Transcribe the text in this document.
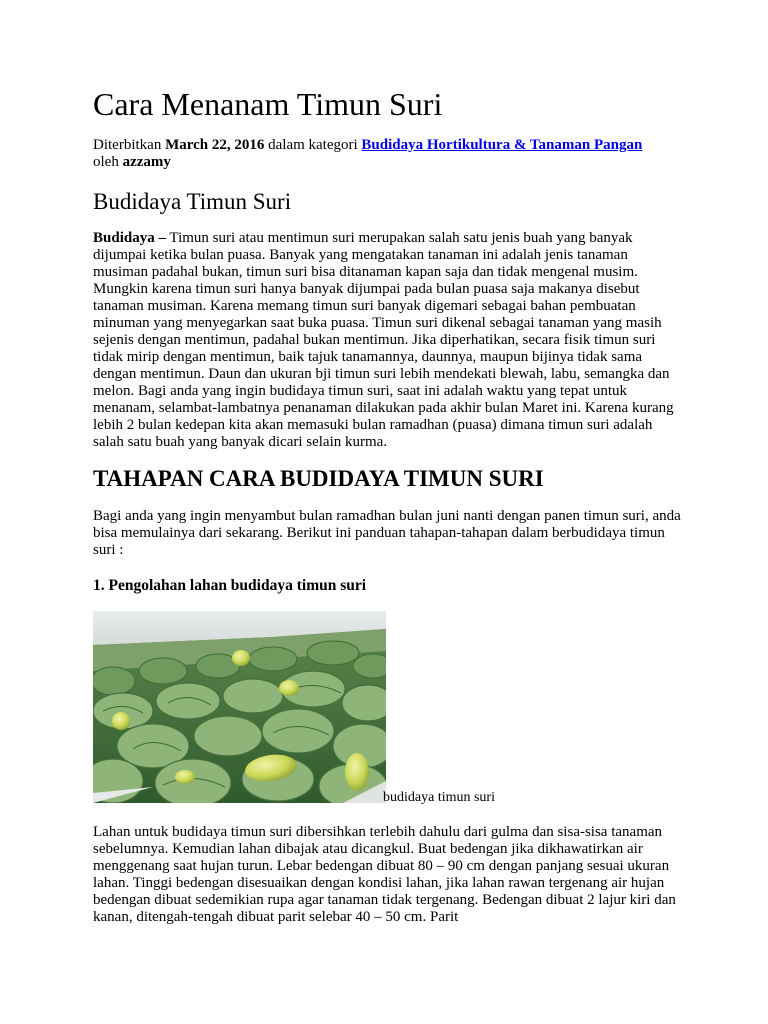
Cara Menanam Timun Suri

Diterbitkan March 22, 2016 dalam kategori Budidaya Hortikultura & Tanaman Pangan
oleh azzamy

Budidaya Timun Suri

Budidaya – Timun suri atau mentimun suri merupakan salah satu jenis buah yang banyak dijumpai ketika bulan puasa. Banyak yang mengatakan tanaman ini adalah jenis tanaman musiman padahal bukan, timun suri bisa ditanaman kapan saja dan tidak mengenal musim. Mungkin karena timun suri hanya banyak dijumpai pada bulan puasa saja makanya disebut tanaman musiman. Karena memang timun suri banyak digemari sebagai bahan pembuatan minuman yang menyegarkan saat buka puasa. Timun suri dikenal sebagai tanaman yang masih sejenis dengan mentimun, padahal bukan mentimun. Jika diperhatikan, secara fisik timun suri tidak mirip dengan mentimun, baik tajuk tanamannya, daunnya, maupun bijinya tidak sama dengan mentimun. Daun dan ukuran bji timun suri lebih mendekati blewah, labu, semangka dan melon. Bagi anda yang ingin budidaya timun suri, saat ini adalah waktu yang tepat untuk menanam, selambat-lambatnya penanaman dilakukan pada akhir bulan Maret ini. Karena kurang lebih 2 bulan kedepan kita akan memasuki bulan ramadhan (puasa) dimana timun suri adalah salah satu buah yang banyak dicari selain kurma.

TAHAPAN CARA BUDIDAYA TIMUN SURI

Bagi anda yang ingin menyambut bulan ramadhan bulan juni nanti dengan panen timun suri, anda bisa memulainya dari sekarang. Berikut ini panduan tahapan-tahapan dalam berbudidaya timun suri :

1. Pengolahan lahan budidaya timun suri

budidaya timun suri

Lahan untuk budidaya timun suri dibersihkan terlebih dahulu dari gulma dan sisa-sisa tanaman sebelumnya. Kemudian lahan dibajak atau dicangkul. Buat bedengan jika dikhawatirkan air menggenang saat hujan turun. Lebar bedengan dibuat 80 – 90 cm dengan panjang sesuai ukuran lahan. Tinggi bedengan disesuaikan dengan kondisi lahan, jika lahan rawan tergenang air hujan bedengan dibuat sedemikian rupa agar tanaman tidak tergenang. Bedengan dibuat 2 lajur kiri dan kanan, ditengah-tengah dibuat parit selebar 40 – 50 cm. Parit
